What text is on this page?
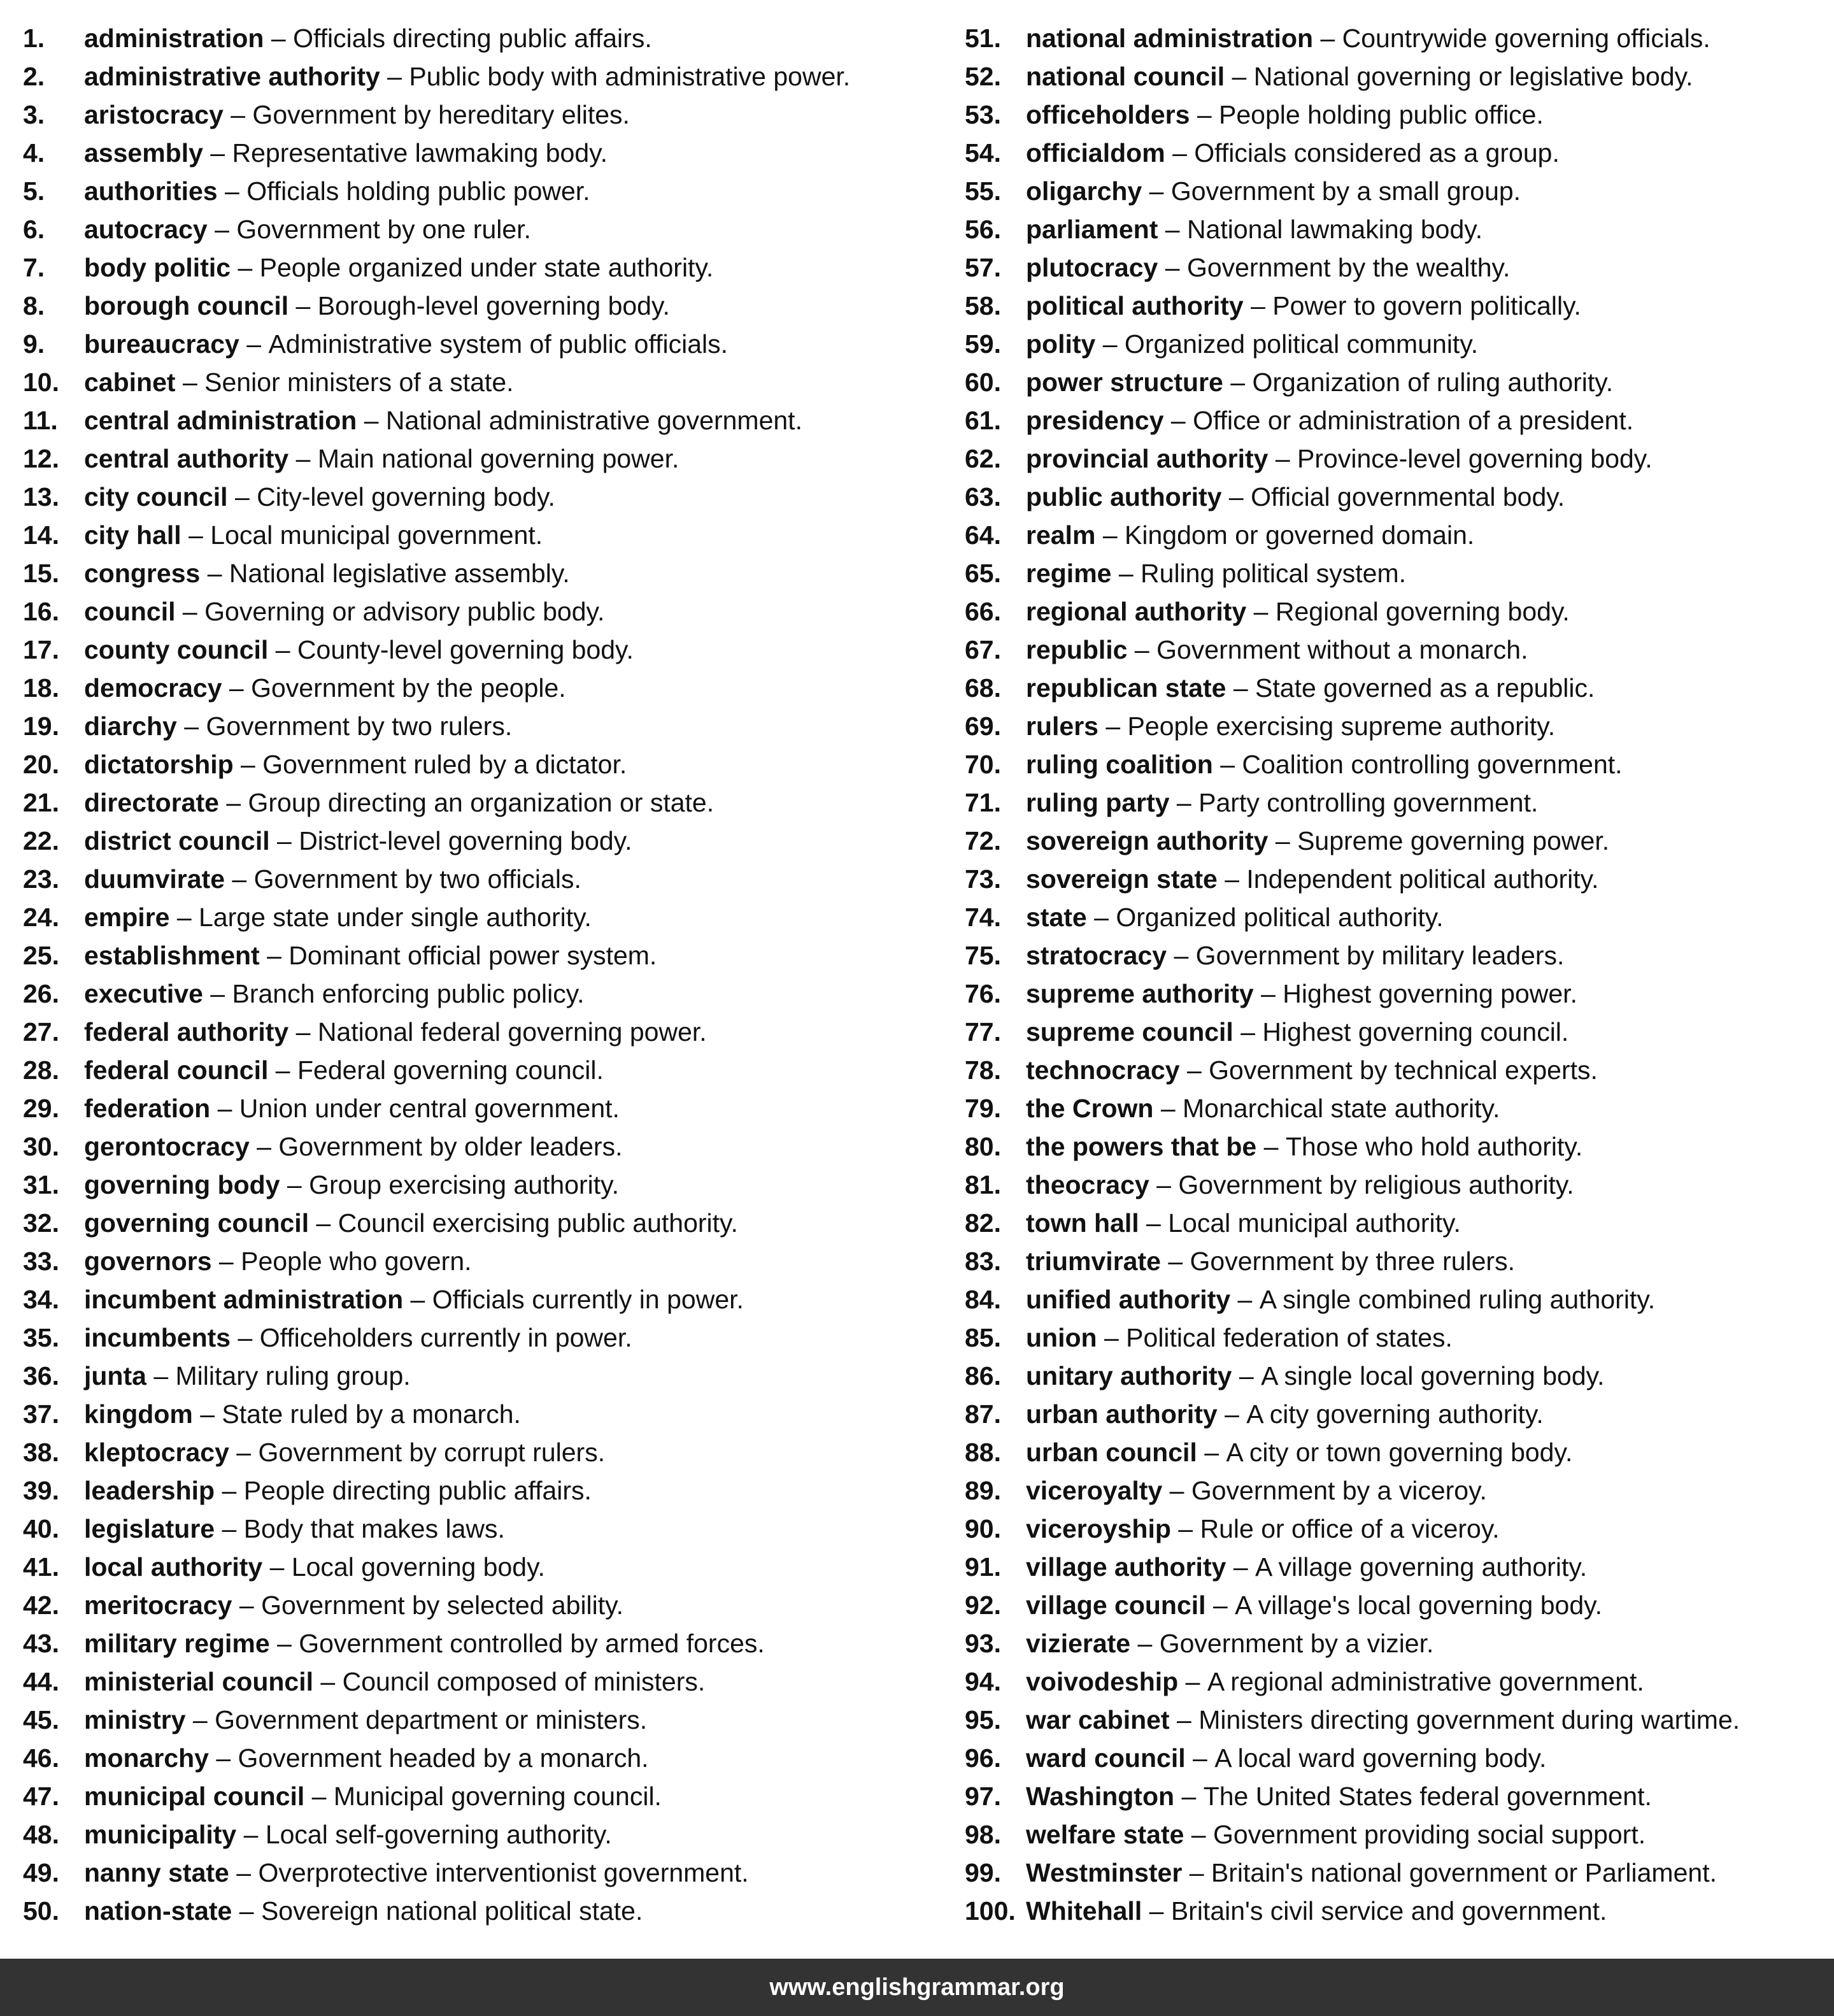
1.	administration – Officials directing public affairs.
2.	administrative authority – Public body with administrative power.
3.	aristocracy – Government by hereditary elites.
4.	assembly – Representative lawmaking body.
5.	authorities – Officials holding public power.
6.	autocracy – Government by one ruler.
7.	body politic – People organized under state authority.
8.	borough council – Borough-level governing body.
9.	bureaucracy – Administrative system of public officials.
10. cabinet – Senior ministers of a state.
11.	central administration – National administrative government.
12. central authority – Main national governing power.
13. city council – City-level governing body.
14. city hall – Local municipal government.
15. congress – National legislative assembly.
16. council – Governing or advisory public body.
17. county council – County-level governing body.
18. democracy – Government by the people.
19. diarchy – Government by two rulers.
20. dictatorship – Government ruled by a dictator.
21. directorate – Group directing an organization or state.
22. district council – District-level governing body.
23. duumvirate – Government by two officials.
24. empire – Large state under single authority.
25. establishment – Dominant official power system.
26. executive – Branch enforcing public policy.
27. federal authority – National federal governing power.
28. federal council – Federal governing council.
29. federation – Union under central government.
30. gerontocracy – Government by older leaders.
31. governing body – Group exercising authority.
32. governing council – Council exercising public authority.
33. governors – People who govern.
34. incumbent administration – Officials currently in power.
35. incumbents – Officeholders currently in power.
36. junta – Military ruling group.
37. kingdom – State ruled by a monarch.
38. kleptocracy – Government by corrupt rulers.
39. leadership – People directing public affairs.
40. legislature – Body that makes laws.
41. local authority – Local governing body.
42. meritocracy – Government by selected ability.
43. military regime – Government controlled by armed forces.
44. ministerial council – Council composed of ministers.
45. ministry – Government department or ministers.
46. monarchy – Government headed by a monarch.
47. municipal council – Municipal governing council.
48. municipality – Local self-governing authority.
49. nanny state – Overprotective interventionist government.
50. nation-state – Sovereign national political state.
51. national administration – Countrywide governing officials.
52. national council – National governing or legislative body.
53. officeholders – People holding public office.
54. officialdom – Officials considered as a group.
55. oligarchy – Government by a small group.
56. parliament – National lawmaking body.
57. plutocracy – Government by the wealthy.
58. political authority – Power to govern politically.
59. polity – Organized political community.
60. power structure – Organization of ruling authority.
61. presidency – Office or administration of a president.
62. provincial authority – Province-level governing body.
63. public authority – Official governmental body.
64. realm – Kingdom or governed domain.
65. regime – Ruling political system.
66. regional authority – Regional governing body.
67. republic – Government without a monarch.
68. republican state – State governed as a republic.
69. rulers – People exercising supreme authority.
70. ruling coalition – Coalition controlling government.
71. ruling party – Party controlling government.
72. sovereign authority – Supreme governing power.
73. sovereign state – Independent political authority.
74. state – Organized political authority.
75. stratocracy – Government by military leaders.
76. supreme authority – Highest governing power.
77. supreme council – Highest governing council.
78. technocracy – Government by technical experts.
79. the Crown – Monarchical state authority.
80. the powers that be – Those who hold authority.
81. theocracy – Government by religious authority.
82. town hall – Local municipal authority.
83. triumvirate – Government by three rulers.
84. unified authority – A single combined ruling authority.
85. union – Political federation of states.
86. unitary authority – A single local governing body.
87. urban authority – A city governing authority.
88. urban council – A city or town governing body.
89. viceroyalty – Government by a viceroy.
90. viceroyship – Rule or office of a viceroy.
91. village authority – A village governing authority.
92. village council – A village's local governing body.
93. vizierate – Government by a vizier.
94. voivodeship – A regional administrative government.
95. war cabinet – Ministers directing government during wartime.
96. ward council – A local ward governing body.
97. Washington – The United States federal government.
98. welfare state – Government providing social support.
99. Westminster – Britain's national government or Parliament.
100. Whitehall – Britain's civil service and government.
www.englishgrammar.org
